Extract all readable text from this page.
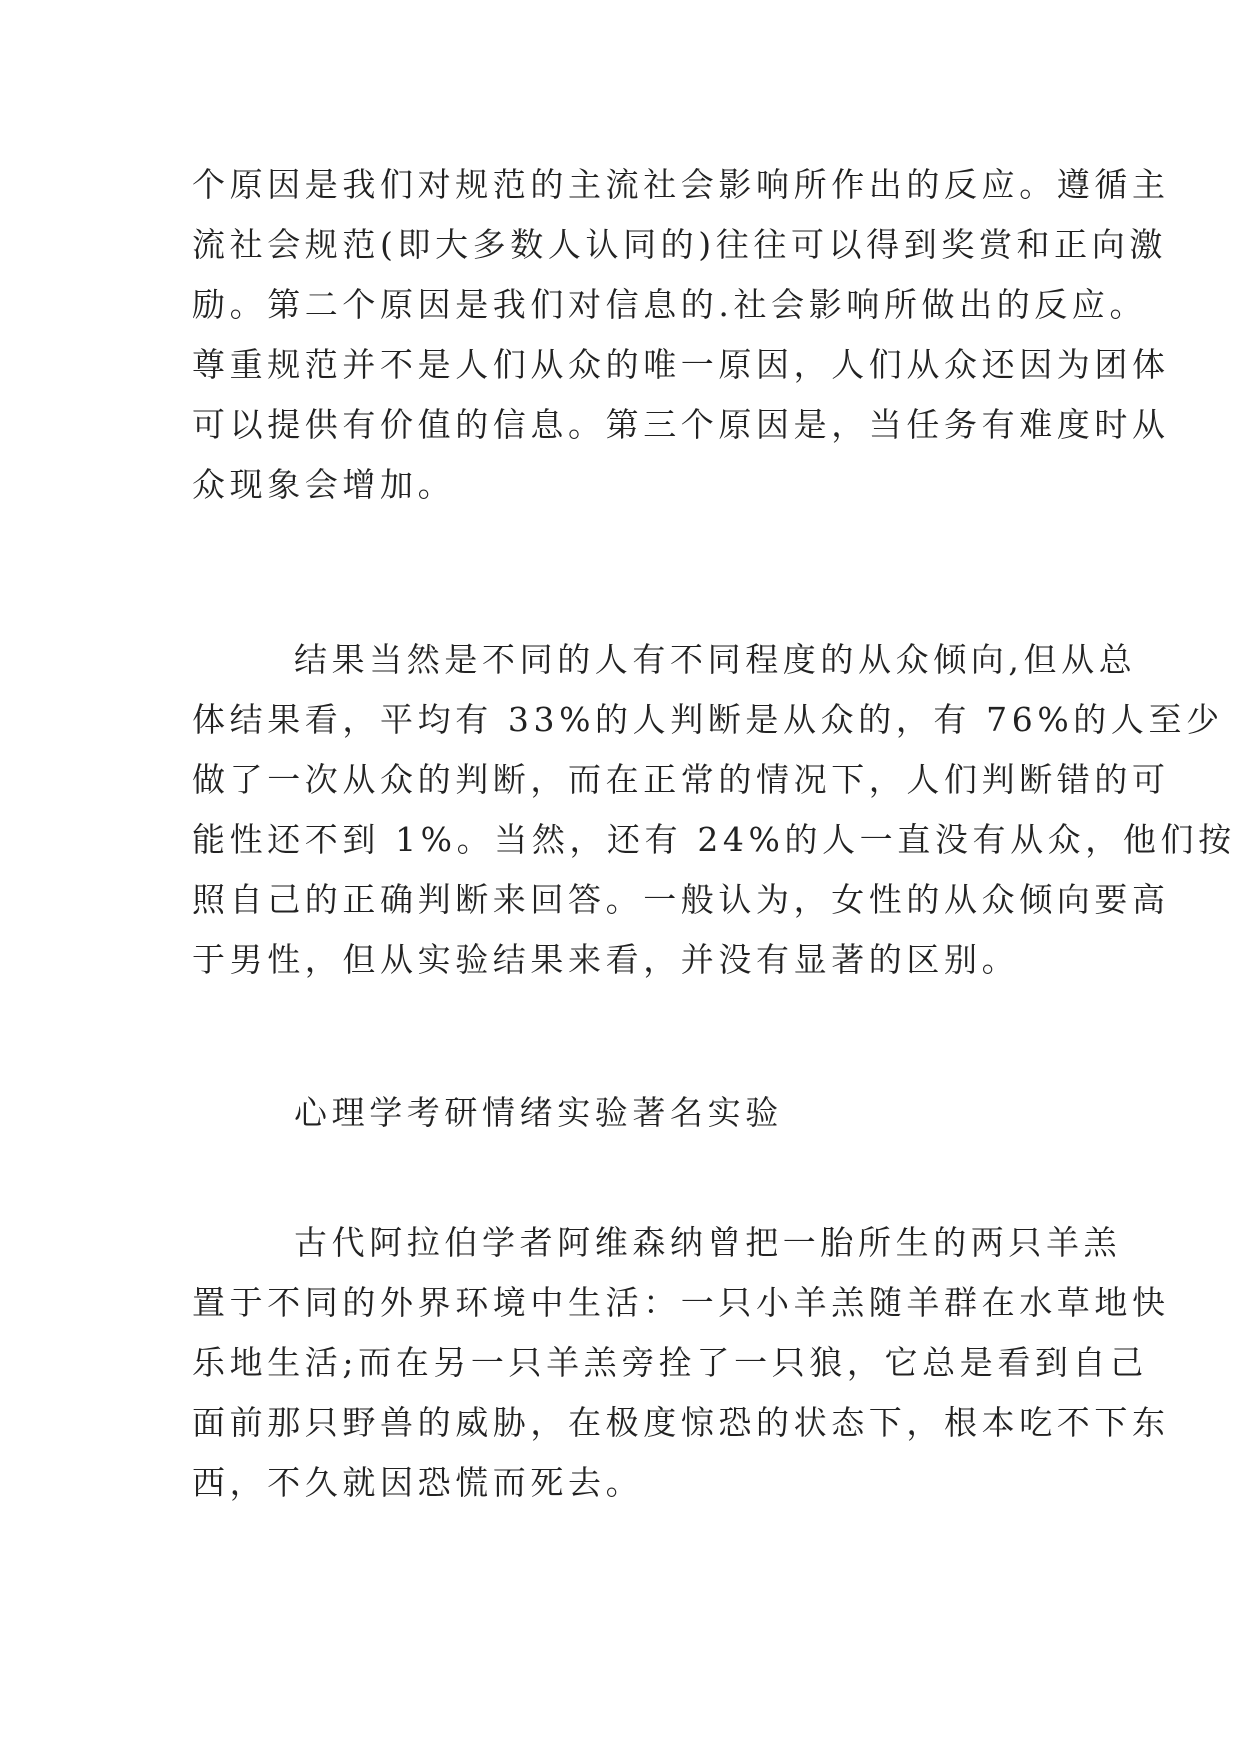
个原因是我们对规范的主流社会影响所作出的反应。遵循主
流社会规范(即大多数人认同的)往往可以得到奖赏和正向激
励。第二个原因是我们对信息的.社会影响所做出的反应。
尊重规范并不是人们从众的唯一原因，人们从众还因为团体
可以提供有价值的信息。第三个原因是，当任务有难度时从
众现象会增加。

结果当然是不同的人有不同程度的从众倾向,但从总
体结果看，平均有 33%的人判断是从众的，有 76%的人至少
做了一次从众的判断，而在正常的情况下，人们判断错的可
能性还不到 1%。当然，还有 24%的人一直没有从众，他们按
照自己的正确判断来回答。一般认为，女性的从众倾向要高
于男性，但从实验结果来看，并没有显著的区别。

心理学考研情绪实验著名实验

古代阿拉伯学者阿维森纳曾把一胎所生的两只羊羔
置于不同的外界环境中生活：一只小羊羔随羊群在水草地快
乐地生活;而在另一只羊羔旁拴了一只狼，它总是看到自己
面前那只野兽的威胁，在极度惊恐的状态下，根本吃不下东
西，不久就因恐慌而死去。
